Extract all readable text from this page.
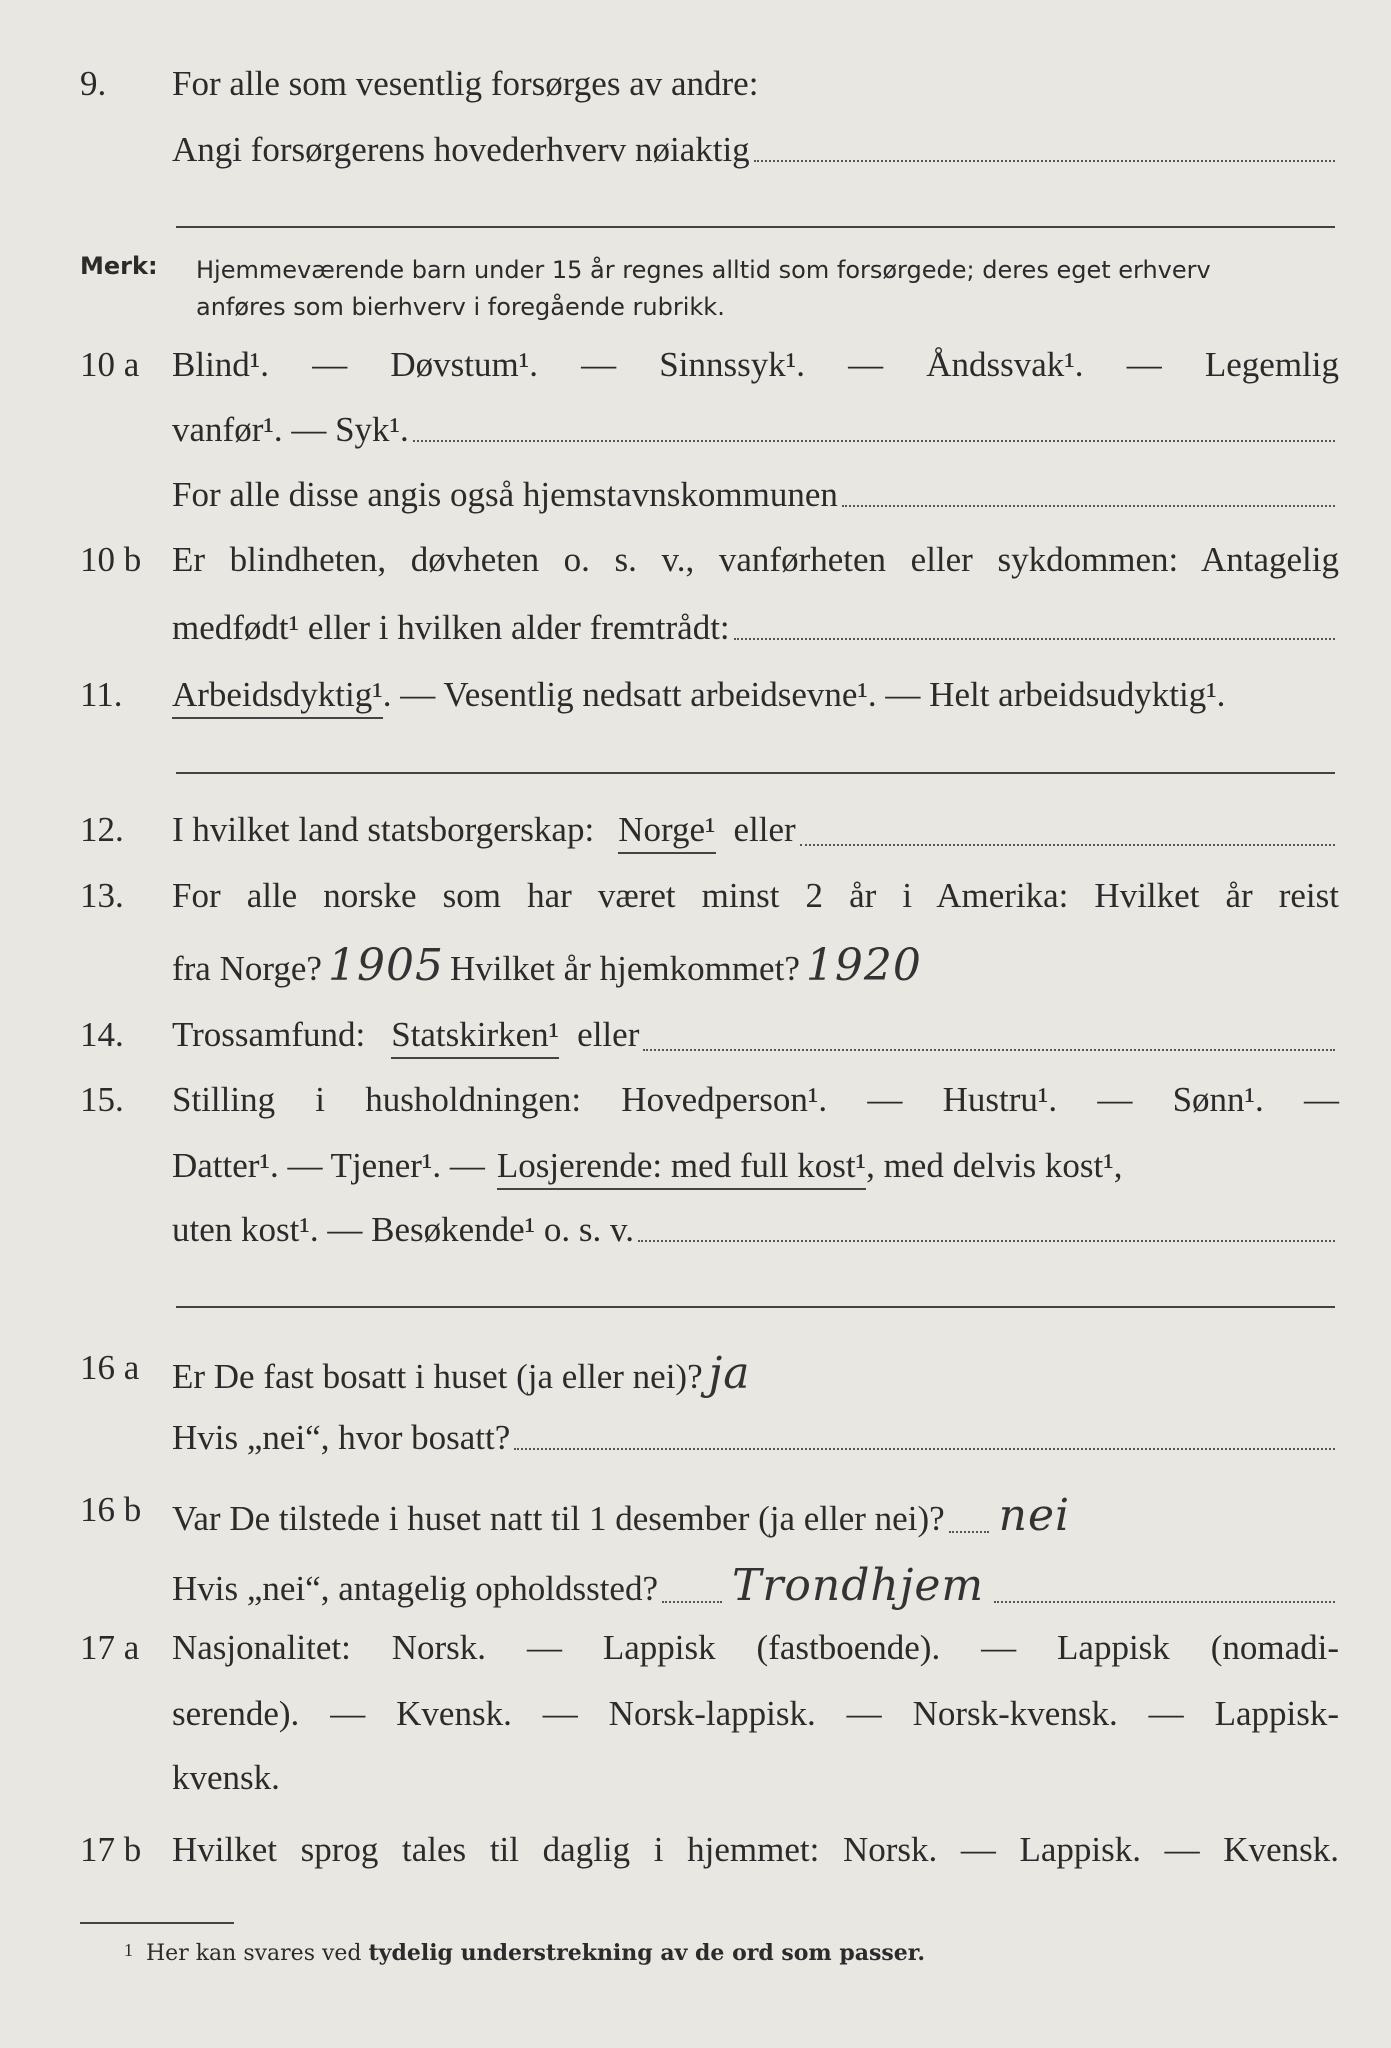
9. For alle som vesentlig forsørges av andre:
Angi forsørgerens hovederhverv nøiaktig
Merk: Hjemmeværende barn under 15 år regnes alltid som forsørgede; deres eget erhverv
anføres som bierhverv i foregående rubrikk.
10 a Blind¹. — Døvstum¹. — Sinnssyk¹. — Åndssvak¹. — Legemlig
vanfør¹. — Syk¹.
For alle disse angis også hjemstavnskommunen
10 b Er blindheten, døvheten o. s. v., vanførheten eller sykdommen: Antagelig
medfødt¹ eller i hvilken alder fremtrådt:
11. Arbeidsdyktig¹ . — Vesentlig nedsatt arbeidsevne¹. — Helt arbeidsudyktig¹.
12. I hvilket land statsborgerskap: Norge¹ eller
13. For alle norske som har været minst 2 år i Amerika: Hvilket år reist
fra Norge? 1905 Hvilket år hjemkommet? 1920
14. Trossamfund: Statskirken¹ eller
15. Stilling i husholdningen: Hovedperson¹. — Hustru¹. — Sønn¹. —
Datter¹. — Tjener¹. — Losjerende: med full kost¹ , med delvis kost¹,
uten kost¹. — Besøkende¹ o. s. v.
16 a Er De fast bosatt i huset (ja eller nei)? ja
Hvis „nei“, hvor bosatt?
16 b Var De tilstede i huset natt til 1 desember (ja eller nei)? nei
Hvis „nei“, antagelig opholdssted? Trondhjem
17 a Nasjonalitet: Norsk. — Lappisk (fastboende). — Lappisk (nomadi-
serende). — Kvensk. — Norsk-lappisk. — Norsk-kvensk. — Lappisk-
kvensk.
17 b Hvilket sprog tales til daglig i hjemmet: Norsk. — Lappisk. — Kvensk.
1 Her kan svares ved tydelig understrekning av de ord som passer.
